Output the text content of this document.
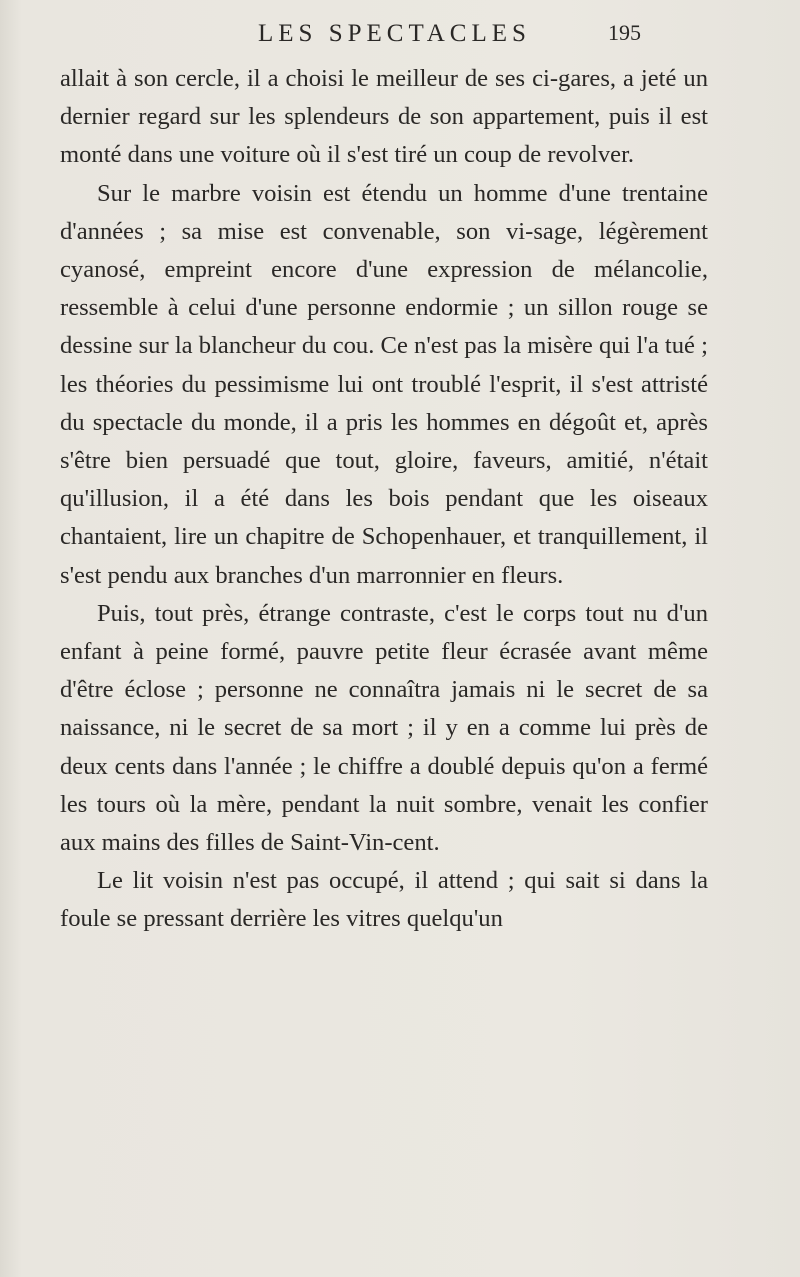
LES SPECTACLES	195

allait à son cercle, il a choisi le meilleur de ses ci-gares, a jeté un dernier regard sur les splendeurs de son appartement, puis il est monté dans une voiture où il s'est tiré un coup de revolver.

Sur le marbre voisin est étendu un homme d'une trentaine d'années ; sa mise est convenable, son vi-sage, légèrement cyanosé, empreint encore d'une expression de mélancolie, ressemble à celui d'une personne endormie ; un sillon rouge se dessine sur la blancheur du cou. Ce n'est pas la misère qui l'a tué ; les théories du pessimisme lui ont troublé l'esprit, il s'est attristé du spectacle du monde, il a pris les hommes en dégoût et, après s'être bien persuadé que tout, gloire, faveurs, amitié, n'était qu'illusion, il a été dans les bois pendant que les oiseaux chantaient, lire un chapitre de Schopenhauer, et tranquillement, il s'est pendu aux branches d'un marronnier en fleurs.

Puis, tout près, étrange contraste, c'est le corps tout nu d'un enfant à peine formé, pauvre petite fleur écrasée avant même d'être éclose ; personne ne connaîtra jamais ni le secret de sa naissance, ni le secret de sa mort ; il y en a comme lui près de deux cents dans l'année ; le chiffre a doublé depuis qu'on a fermé les tours où la mère, pendant la nuit sombre, venait les confier aux mains des filles de Saint-Vin-cent.

Le lit voisin n'est pas occupé, il attend ; qui sait si dans la foule se pressant derrière les vitres quelqu'un
